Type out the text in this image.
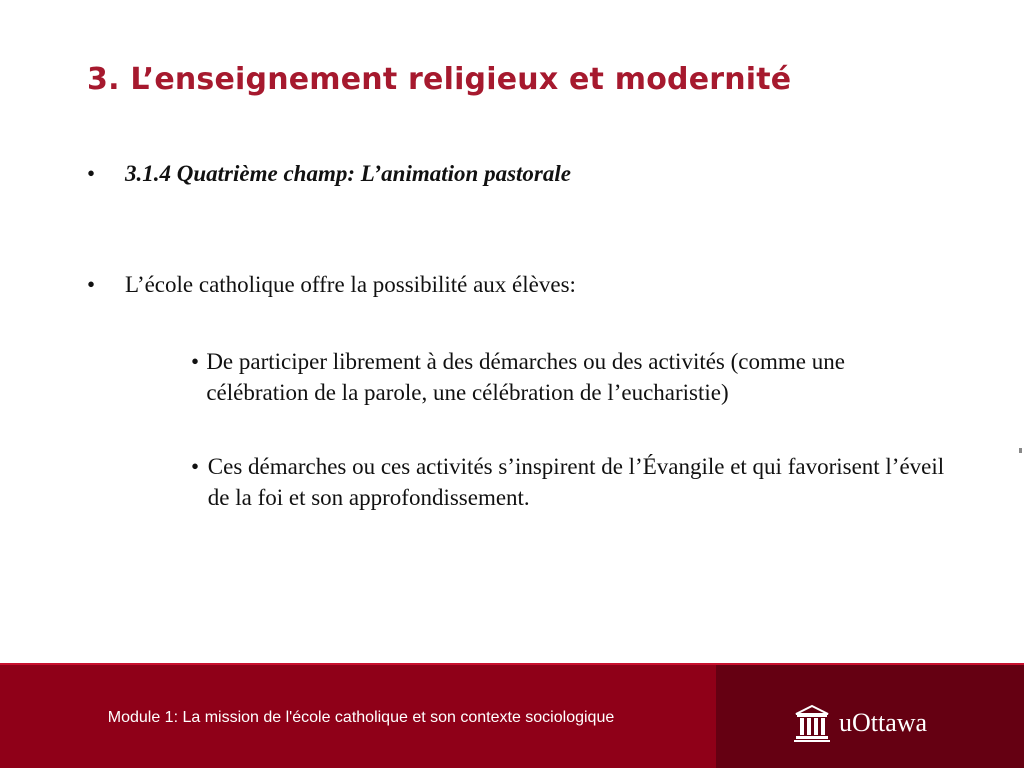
3. L’enseignement religieux et modernité
•	3.1.4 Quatrième champ: L’animation pastorale
•	L’école catholique offre la possibilité aux élèves:
• De participer librement à des démarches ou des activités (comme une célébration de la parole, une célébration de l’eucharistie)
• Ces démarches ou ces activités s’inspirent de l’Évangile et qui favorisent l’éveil de la foi et son approfondissement.
Module 1: La mission de l'école catholique et son contexte sociologique	uOttawa
